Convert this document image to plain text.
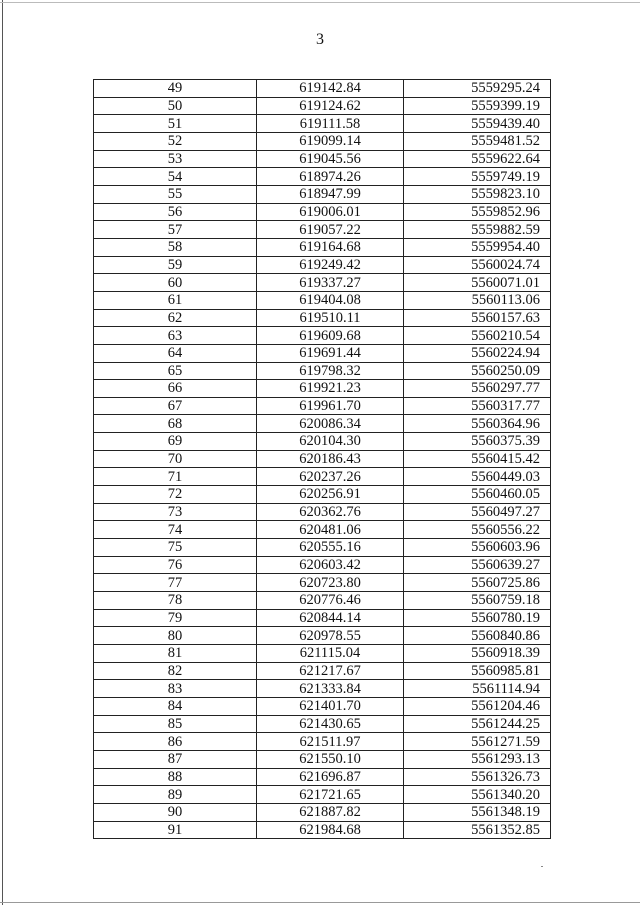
3
49	619142.84	5559295.24
50	619124.62	5559399.19
51	619111.58	5559439.40
52	619099.14	5559481.52
53	619045.56	5559622.64
54	618974.26	5559749.19
55	618947.99	5559823.10
56	619006.01	5559852.96
57	619057.22	5559882.59
58	619164.68	5559954.40
59	619249.42	5560024.74
60	619337.27	5560071.01
61	619404.08	5560113.06
62	619510.11	5560157.63
63	619609.68	5560210.54
64	619691.44	5560224.94
65	619798.32	5560250.09
66	619921.23	5560297.77
67	619961.70	5560317.77
68	620086.34	5560364.96
69	620104.30	5560375.39
70	620186.43	5560415.42
71	620237.26	5560449.03
72	620256.91	5560460.05
73	620362.76	5560497.27
74	620481.06	5560556.22
75	620555.16	5560603.96
76	620603.42	5560639.27
77	620723.80	5560725.86
78	620776.46	5560759.18
79	620844.14	5560780.19
80	620978.55	5560840.86
81	621115.04	5560918.39
82	621217.67	5560985.81
83	621333.84	5561114.94
84	621401.70	5561204.46
85	621430.65	5561244.25
86	621511.97	5561271.59
87	621550.10	5561293.13
88	621696.87	5561326.73
89	621721.65	5561340.20
90	621887.82	5561348.19
91	621984.68	5561352.85
